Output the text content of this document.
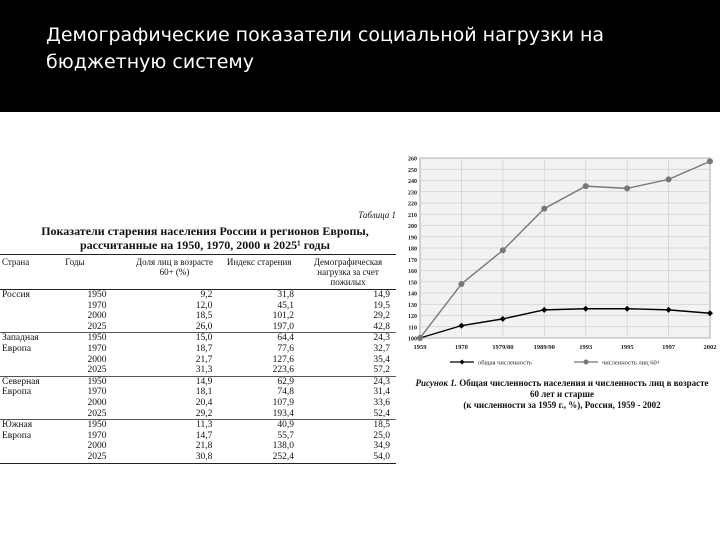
Демографические показатели социальной нагрузки на бюджетную систему
Таблица 1
Показатели старения населения России и регионов Европы, рассчитанные на 1950, 1970, 2000 и 2025¹ годы
Страна	Годы	Доля лиц в возрасте 60+ (%)	Индекс старения	Демографическая нагрузка за счет пожилых
Россия	1950	9,2	31,8	14,9
	1970	12,0	45,1	19,5
	2000	18,5	101,2	29,2
	2025	26,0	197,0	42,8
Западная	1950	15,0	64,4	24,3
Европа	1970	18,7	77,6	32,7
	2000	21,7	127,6	35,4
	2025	31,3	223,6	57,2
Северная	1950	14,9	62,9	24,3
Европа	1970	18,1	74,8	31,4
	2000	20,4	107,9	33,6
	2025	29,2	193,4	52,4
Южная	1950	11,3	40,9	18,5
Европа	1970	14,7	55,7	25,0
	2000	21,8	138,0	34,9
	2025	30,8	252,4	54,0
100
110
120
130
140
150
160
170
180
190
200
210
220
230
240
250
260
1959	1970	1979/80	1989/90	1993	1995	1997	2002
общая численность	численность лиц 60+
Рисунок 1. Общая численность населения и численность лиц в возрасте 60 лет и старше
(к численности за 1959 г., %), Россия, 1959 - 2002
